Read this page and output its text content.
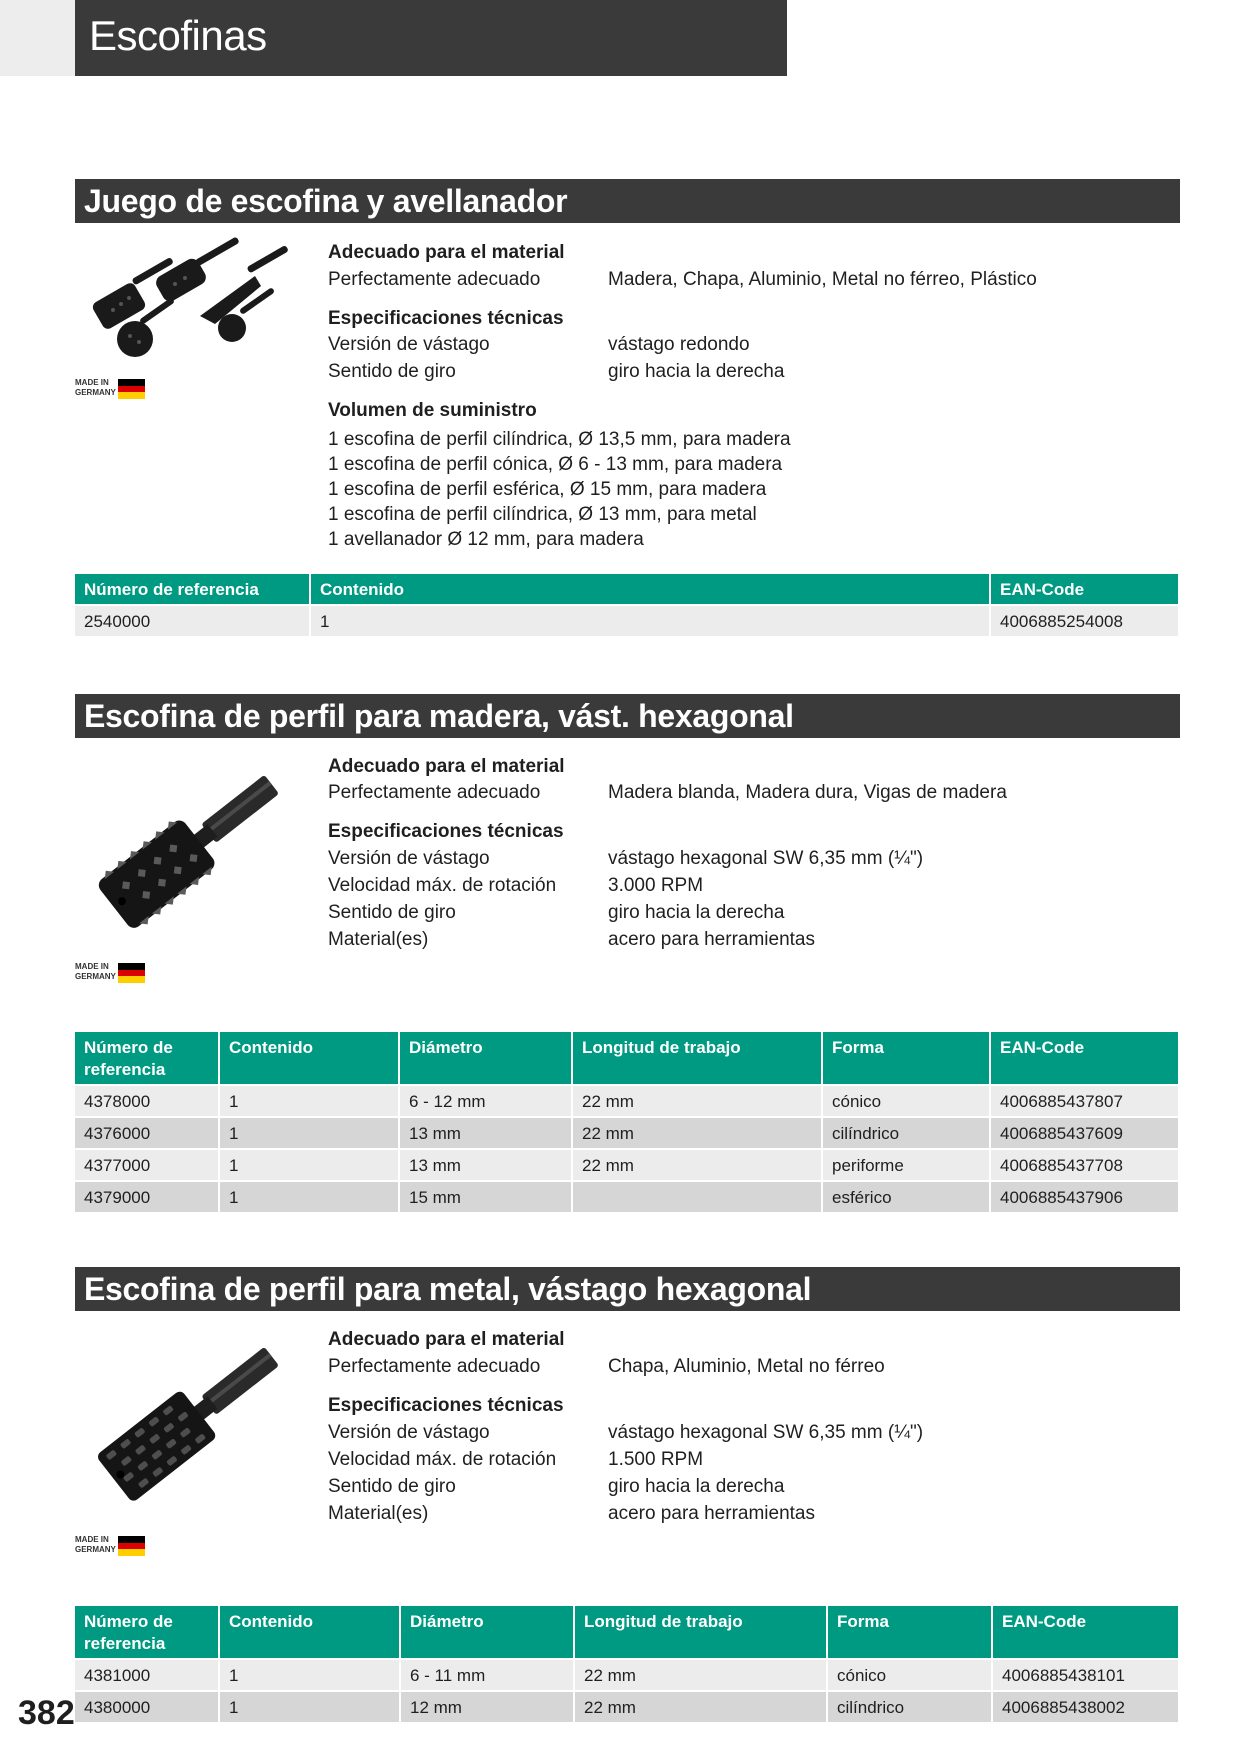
Escofinas
Juego de escofina y avellanador
MADE IN
GERMANY
Adecuado para el material
Perfectamente adecuado	Madera, Chapa, Aluminio, Metal no férreo, Plástico
Especificaciones técnicas
Versión de vástago	vástago redondo
Sentido de giro	giro hacia la derecha
Volumen de suministro
1 escofina de perfil cilíndrica, Ø 13,5 mm, para madera
1 escofina de perfil cónica, Ø 6 - 13 mm, para madera
1 escofina de perfil esférica, Ø 15 mm, para madera
1 escofina de perfil cilíndrica, Ø 13 mm, para metal
1 avellanador Ø 12 mm, para madera
Número de referencia	Contenido	EAN-Code
2540000	1	4006885254008
Escofina de perfil para madera, vást. hexagonal
MADE IN
GERMANY
Adecuado para el material
Perfectamente adecuado	Madera blanda, Madera dura, Vigas de madera
Especificaciones técnicas
Versión de vástago	vástago hexagonal SW 6,35 mm (¼")
Velocidad máx. de rotación	3.000 RPM
Sentido de giro	giro hacia la derecha
Material(es)	acero para herramientas
Número de referencia	Contenido	Diámetro	Longitud de trabajo	Forma	EAN-Code
4378000	1	6 - 12 mm	22 mm	cónico	4006885437807
4376000	1	13 mm	22 mm	cilíndrico	4006885437609
4377000	1	13 mm	22 mm	periforme	4006885437708
4379000	1	15 mm		esférico	4006885437906
Escofina de perfil para metal, vástago hexagonal
MADE IN
GERMANY
Adecuado para el material
Perfectamente adecuado	Chapa, Aluminio, Metal no férreo
Especificaciones técnicas
Versión de vástago	vástago hexagonal SW 6,35 mm (¼")
Velocidad máx. de rotación	1.500 RPM
Sentido de giro	giro hacia la derecha
Material(es)	acero para herramientas
Número de referencia	Contenido	Diámetro	Longitud de trabajo	Forma	EAN-Code
4381000	1	6 - 11 mm	22 mm	cónico	4006885438101
4380000	1	12 mm	22 mm	cilíndrico	4006885438002
382
